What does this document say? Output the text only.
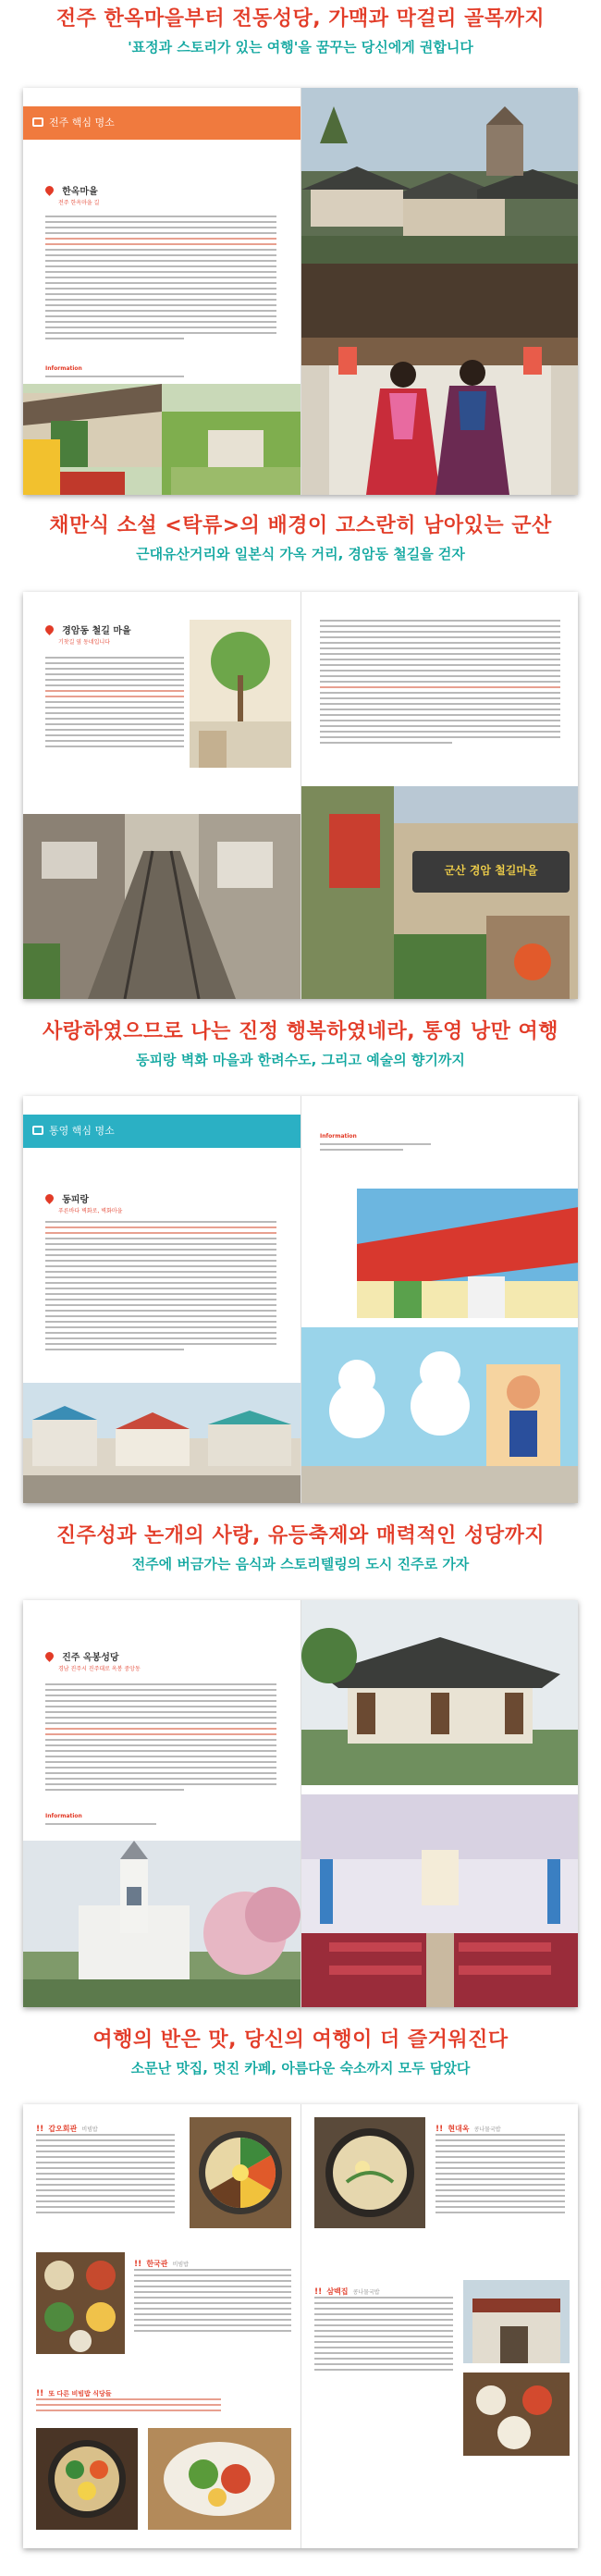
전주 한옥마을부터 전동성당, 가맥과 막걸리 골목까지
'표정과 스토리가 있는 여행'을 꿈꾸는 당신에게 권합니다
전주 핵심 명소
한옥마을
전주 한옥마을 길
Information
채만식 소설 <탁류>의 배경이 고스란히 남아있는 군산
근대유산거리와 일본식 가옥 거리, 경암동 철길을 걷자
경암동 철길 마을
기찻길 옆 동네입니다
군산 경암 철길마을
사랑하였으므로 나는 진정 행복하였네라, 통영 낭만 여행
동피랑 벽화 마을과 한려수도, 그리고 예술의 향기까지
통영 핵심 명소
동피랑
푸른바다 벽화로, 벽화마을
Information
진주성과 논개의 사랑, 유등축제와 매력적인 성당까지
전주에 버금가는 음식과 스토리텔링의 도시 진주로 가자
진주 옥봉성당
경남 진주시 진주대로 옥봉 중앙동
Information
여행의 반은 맛, 당신의 여행이 더 즐거워진다
소문난 맛집, 멋진 카페, 아름다운 숙소까지 모두 담았다
!! 갑오회관 비빔밥
!! 한국관 비빔밥
!! 또 다른 비빔밥 식당들
!! 현대옥 콩나물국밥
!! 삼백집 콩나물국밥
